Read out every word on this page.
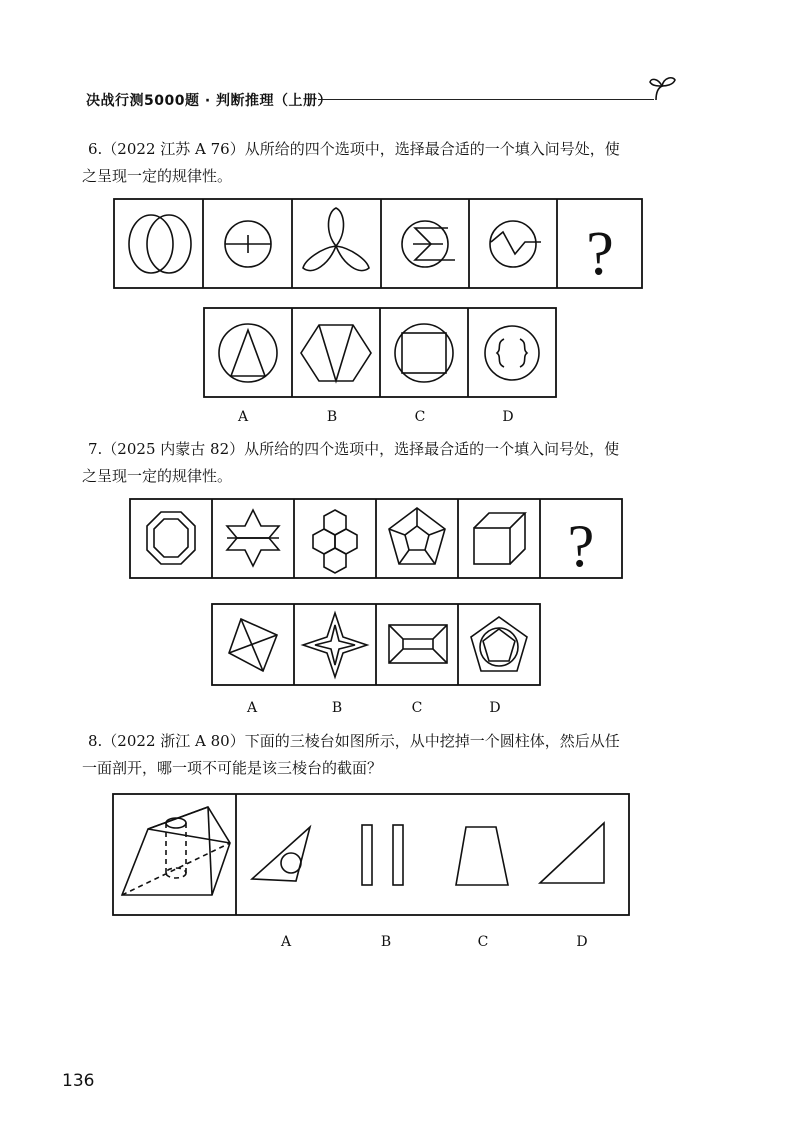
决战行测5000题 · 判断推理（上册）

6.（2022 江苏 A 76）从所给的四个选项中，选择最合适的一个填入问号处，使

之呈现一定的规律性。

?
A	B	C	D

7.（2025 内蒙古 82）从所给的四个选项中，选择最合适的一个填入问号处，使

之呈现一定的规律性。

?
A	B	C	D

8.（2022 浙江 A 80）下面的三棱台如图所示，从中挖掉一个圆柱体，然后从任

一面剖开，哪一项不可能是该三棱台的截面？

A	B	C	D
136
